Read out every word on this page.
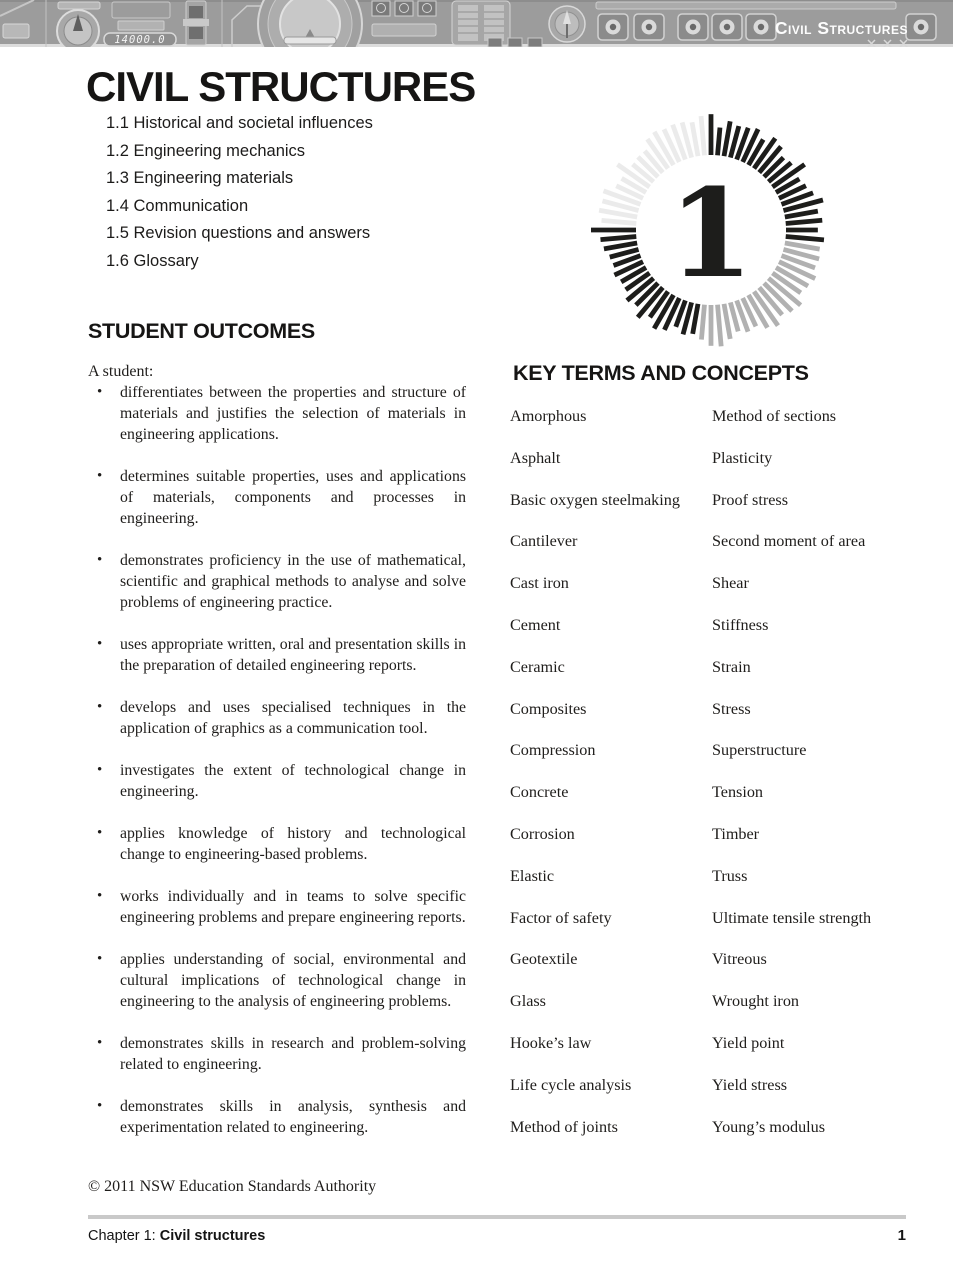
14000.0
Civil Structures
CIVIL STRUCTURES
1.1 Historical and societal influences
1.2 Engineering mechanics
1.3 Engineering materials
1.4 Communication
1.5 Revision questions and answers
1.6 Glossary	1
STUDENT OUTCOMES

A student:

• differentiates between the properties and structure of materials and justifies the selection of materials in engineering applications.
• determines suitable properties, uses and applications of materials, components and processes in engineering.
• demonstrates proficiency in the use of mathematical, scientific and graphical methods to analyse and solve problems of engineering practice.
• uses appropriate written, oral and presentation skills in the preparation of detailed engineering reports.
• develops and uses specialised techniques in the application of graphics as a communication tool.
• investigates the extent of technological change in engineering.
• applies knowledge of history and technological change to engineering-based problems.
• works individually and in teams to solve specific engineering problems and prepare engineering reports.
• applies understanding of social, environmental and cultural implications of technological change in engineering to the analysis of engineering problems.
• demonstrates skills in research and problem-solving related to engineering.
• demonstrates skills in analysis, synthesis and experimentation related to engineering.
KEY TERMS AND CONCEPTS
Amorphous
Asphalt
Basic oxygen steelmaking
Cantilever
Cast iron
Cement
Ceramic
Composites
Compression
Concrete
Corrosion
Elastic
Factor of safety
Geotextile
Glass
Hooke’s law
Life cycle analysis
Method of joints
Method of sections
Plasticity
Proof stress
Second moment of area
Shear
Stiffness
Strain
Stress
Superstructure
Tension
Timber
Truss
Ultimate tensile strength
Vitreous
Wrought iron
Yield point
Yield stress
Young’s modulus

© 2011 NSW Education Standards Authority

Chapter 1: Civil structures	1
